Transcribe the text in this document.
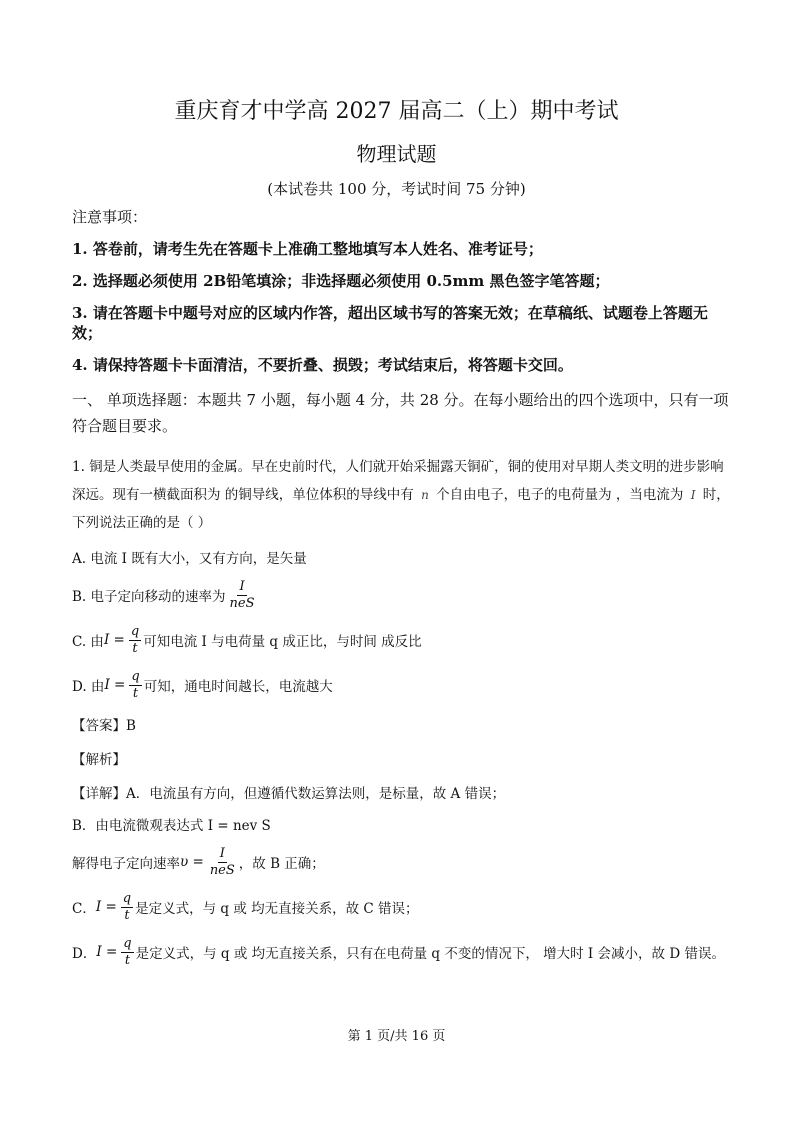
重庆育才中学高 2027 届高二（上）期中考试
物理试题
(本试卷共 100 分，考试时间 75 分钟)

注意事项：

1. 答卷前，请考生先在答题卡上准确工整地填写本人姓名、准考证号；

2. 选择题必须使用 2B铅笔填涂；非选择题必须使用 0.5mm 黑色签字笔答题；

3. 请在答题卡中题号对应的区域内作答，超出区域书写的答案无效；在草稿纸、试题卷上答题无效；

4. 请保持答题卡卡面清洁，不要折叠、损毁；考试结束后，将答题卡交回。

一、 单项选择题：本题共 7 小题，每小题 4 分，共 28 分。在每小题给出的四个选项中，只有一项符合题目要求。

1. 铜是人类最早使用的金属。早在史前时代，人们就开始采掘露天铜矿，铜的使用对早期人类文明的进步影响深远。现有一横截面积为 的铜导线，单位体积的导线中有 n 个自由电子，电子的电荷量为 ，当电流为 I 时，下列说法正确的是（ ）

A. 电流 I 既有大小，又有方向，是矢量
B. 电子定向移动的速率为 $\frac{I}{\text{neS}}$
C. 由 $I = \frac{q}{t}$ 可知电流 I 与电荷量 q 成正比，与时间 成反比
D. 由 $I = \frac{q}{t}$ 可知，通电时间越长，电流越大
【答案】B
【解析】
【详解】A．电流虽有方向，但遵循代数运算法则，是标量，故 A 错误；
B．由电流微观表达式 I = nev S
解得电子定向速率 $\upsilon = \frac{I}{\text{neS}}$ ，故 B 正确；
C． $I = \frac{q}{t}$ 是定义式，与 q 或 均无直接关系，故 C 错误；
D． $I = \frac{q}{t}$ 是定义式，与 q 或 均无直接关系，只有在电荷量 q 不变的情况下， 增大时 I 会减小，故 D 错误。
第 1 页/共 16 页
